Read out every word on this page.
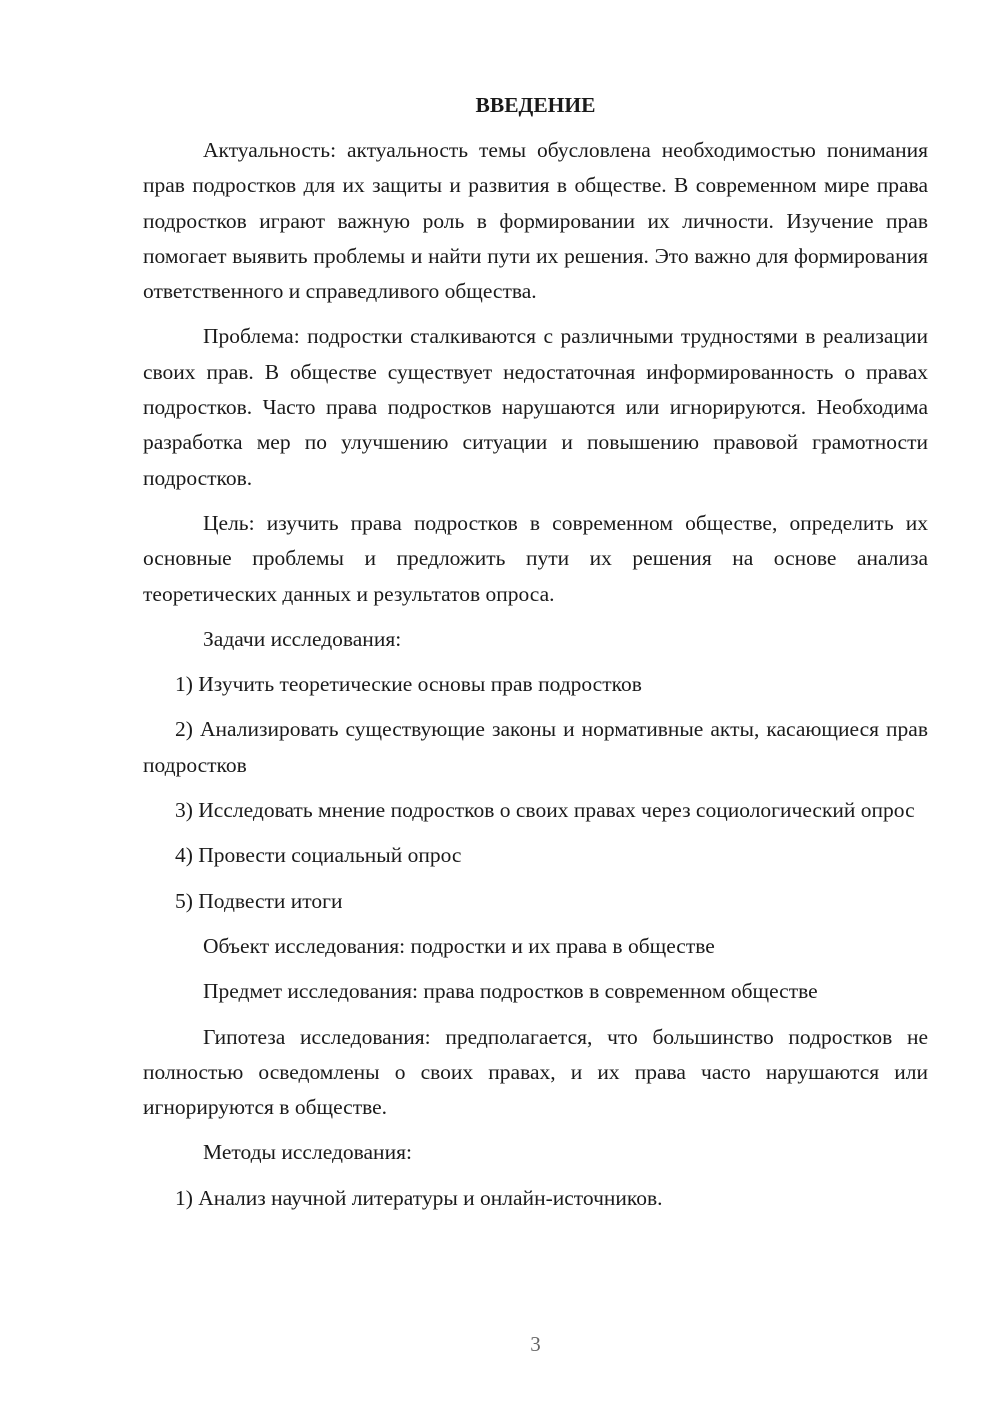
ВВЕДЕНИЕ

Актуальность: актуальность темы обусловлена необходимостью понимания прав подростков для их защиты и развития в обществе. В современном мире права подростков играют важную роль в формировании их личности. Изучение прав помогает выявить проблемы и найти пути их решения. Это важно для формирования ответственного и справедливого общества.

Проблема: подростки сталкиваются с различными трудностями в реализации своих прав. В обществе существует недостаточная информированность о правах подростков. Часто права подростков нарушаются или игнорируются. Необходима разработка мер по улучшению ситуации и повышению правовой грамотности подростков.

Цель: изучить права подростков в современном обществе, определить их основные проблемы и предложить пути их решения на основе анализа теоретических данных и результатов опроса.

Задачи исследования:

1) Изучить теоретические основы прав подростков

2) Анализировать существующие законы и нормативные акты, касающиеся прав подростков

3) Исследовать мнение подростков о своих правах через социологический опрос

4) Провести социальный опрос

5) Подвести итоги

Объект исследования: подростки и их права в обществе

Предмет исследования: права подростков в современном обществе

Гипотеза исследования: предполагается, что большинство подростков не полностью осведомлены о своих правах, и их права часто нарушаются или игнорируются в обществе.

Методы исследования:

1) Анализ научной литературы и онлайн-источников.

3
